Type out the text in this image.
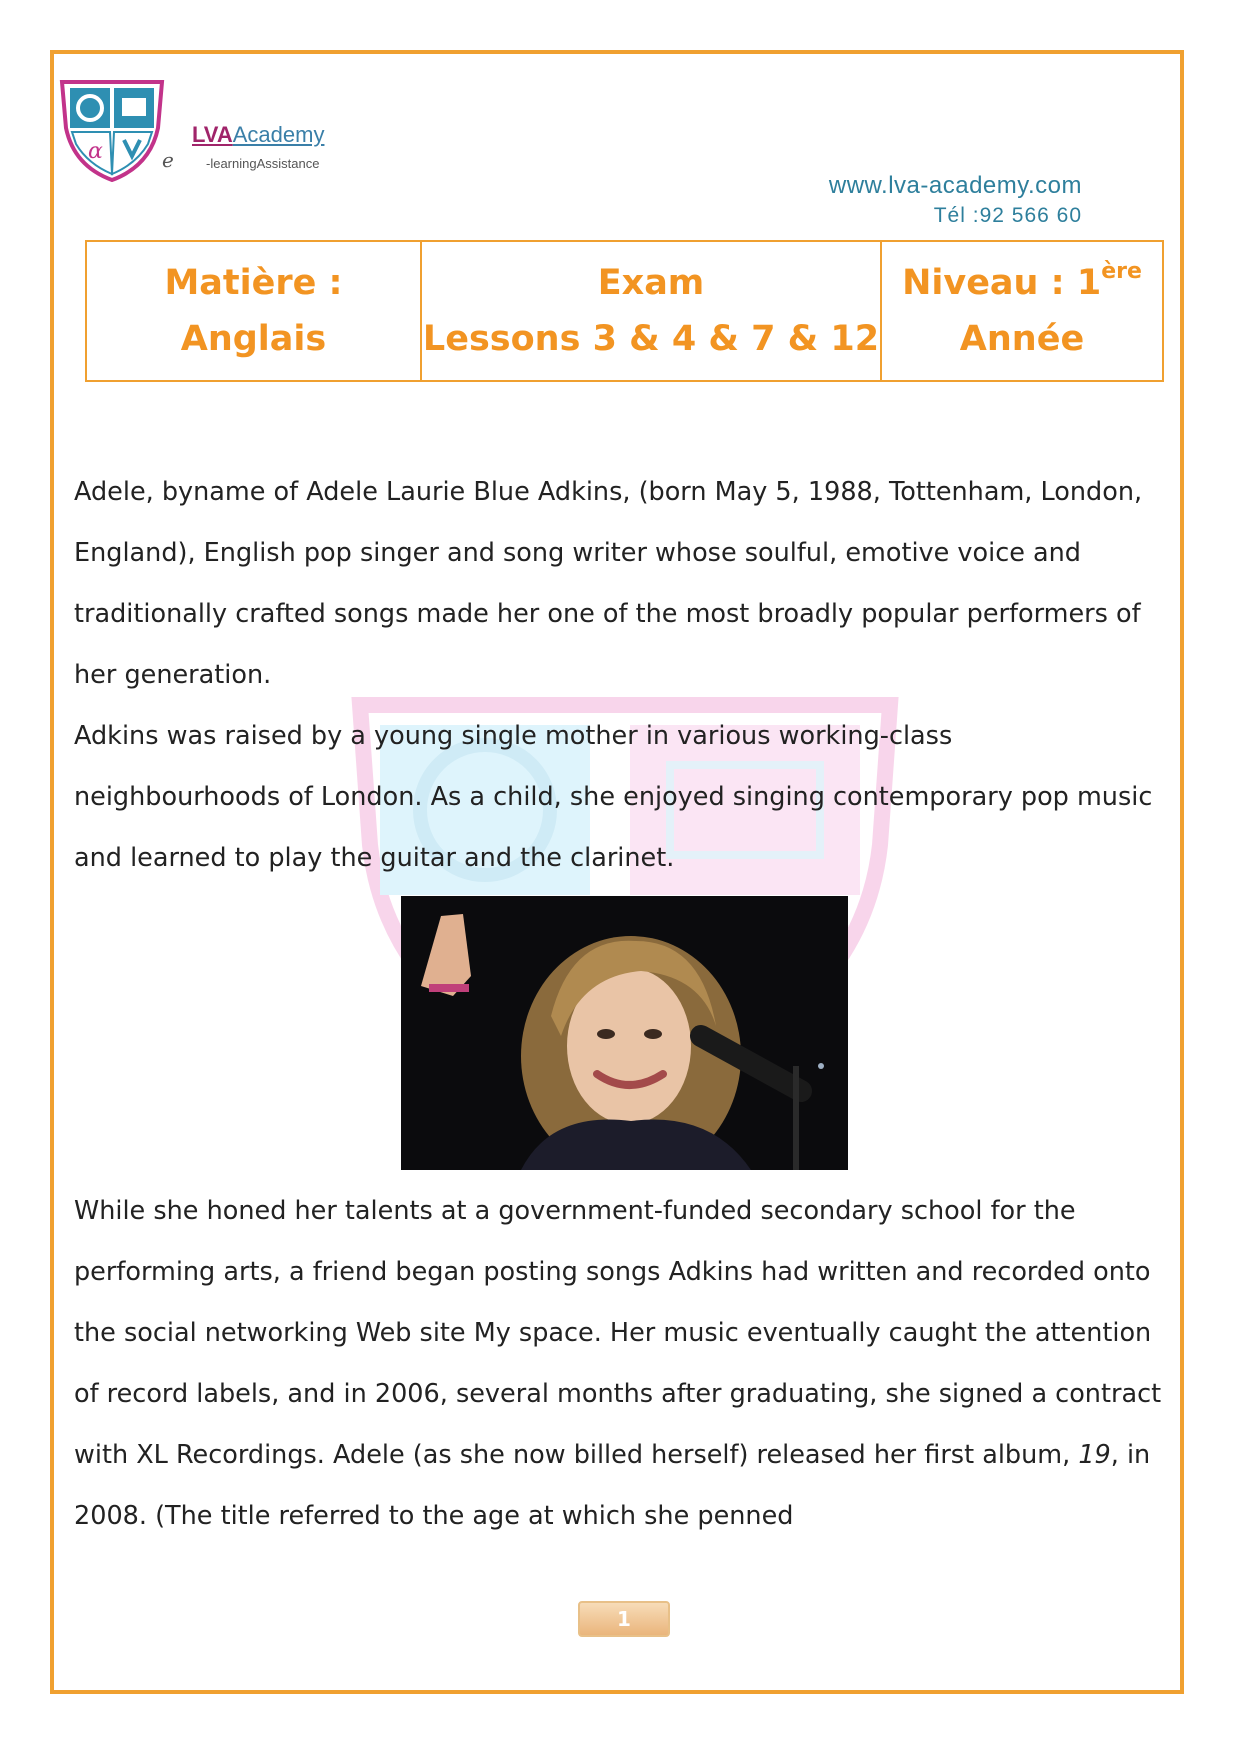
α	e
LVAAcademy
-learningAssistance
www.lva-academy.com
Tél :92 566 60
Matière :
Anglais
Exam
Lessons 3 & 4 & 7 & 12
Niveau : 1ère
Année

Adele, byname of Adele Laurie Blue Adkins, (born May 5, 1988, Tottenham, London, England), English pop singer and song writer whose soulful, emotive voice and traditionally crafted songs made her one of the most broadly popular performers of her generation.

Adkins was raised by a young single mother in various working-class neighbourhoods of London. As a child, she enjoyed singing contemporary pop music and learned to play the guitar and the clarinet.

While she honed her talents at a government-funded secondary school for the performing arts, a friend began posting songs Adkins had written and recorded onto the social networking Web site My space. Her music eventually caught the attention of record labels, and in 2006, several months after graduating, she signed a contract with XL Recordings. Adele (as she now billed herself) released her first album, 19, in 2008. (The title referred to the age at which she penned

1
